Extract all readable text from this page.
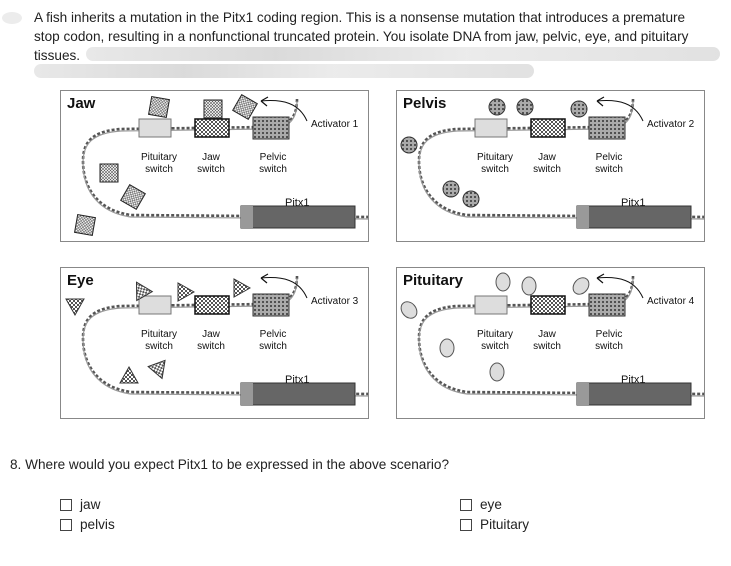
A fish inherits a mutation in the Pitx1 coding region. This is a nonsense mutation that introduces a premature
stop codon, resulting in a nonfunctional truncated protein. You isolate DNA from jaw, pelvic, eye, and pituitary
tissues.
Jaw
Activator 1
Pituitary
switch
Jaw
switch
Pelvic
switch
Pitx1
Pelvis
Activator 2
Pituitary
switch
Jaw
switch
Pelvic
switch
Pitx1
Eye
Activator 3
Pituitary
switch
Jaw
switch
Pelvic
switch
Pitx1
Pituitary
Activator 4
Pituitary
switch
Jaw
switch
Pelvic
switch
Pitx1
8. Where would you expect Pitx1 to be expressed in the above scenario?
jaw
pelvis
eye
Pituitary
